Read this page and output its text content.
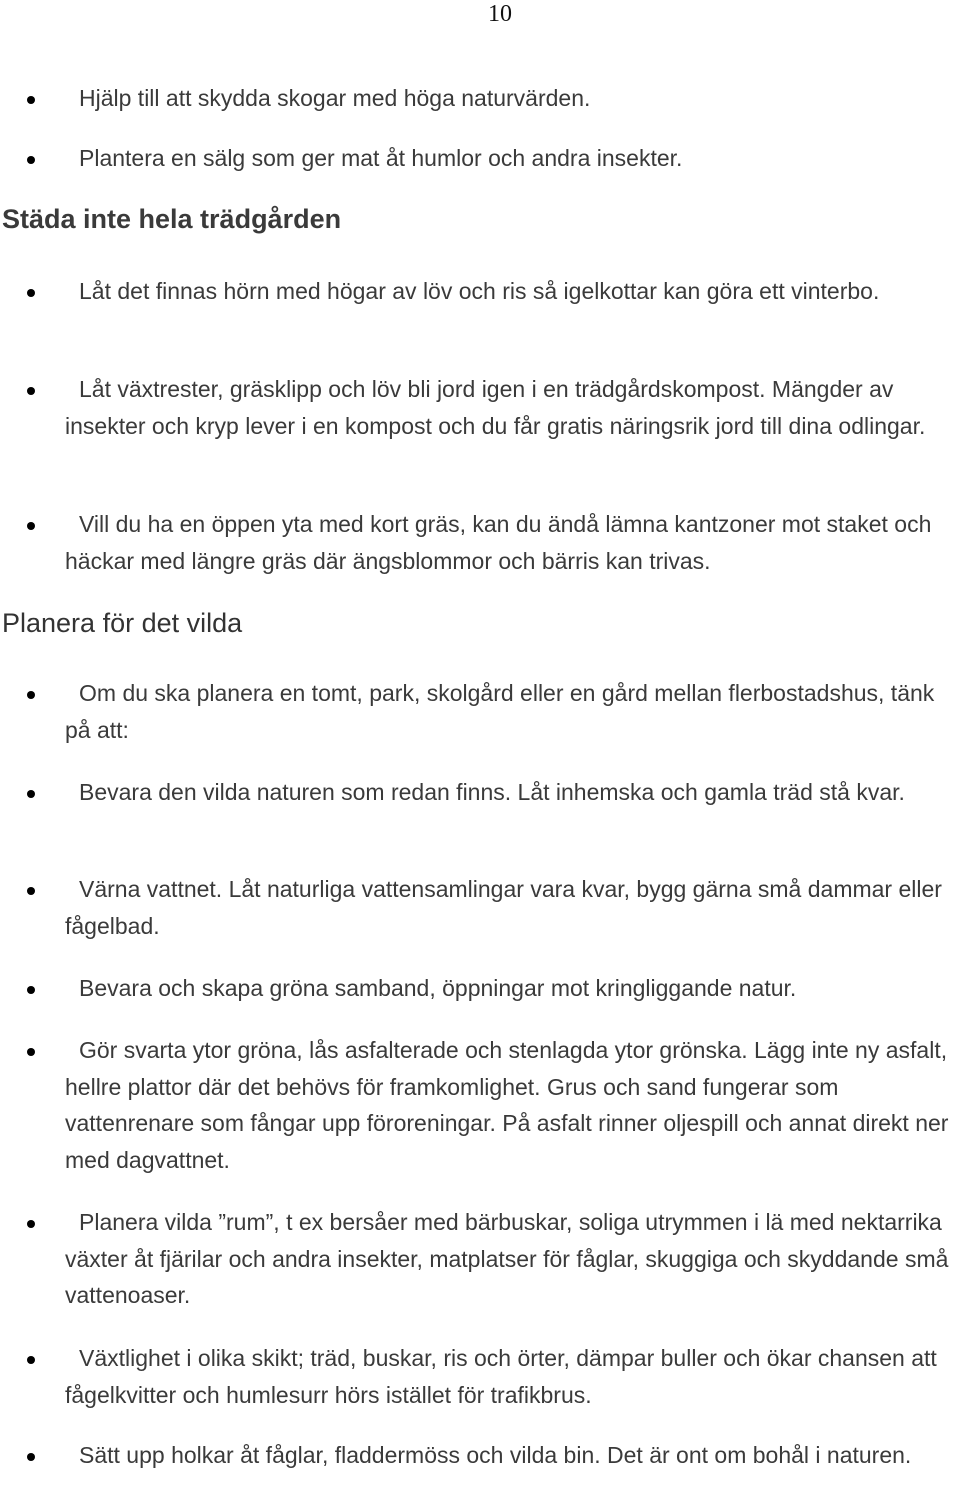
10
Hjälp till att skydda skogar med höga naturvärden.
Plantera en sälg som ger mat åt humlor och andra insekter.
Städa inte hela trädgården
Låt det finnas hörn med högar av löv och ris så igelkottar kan göra ett vinterbo.
Låt växtrester, gräsklipp och löv bli jord igen i en trädgårdskompost. Mängder av insekter och kryp lever i en kompost och du får gratis näringsrik jord till dina odlingar.
Vill du ha en öppen yta med kort gräs, kan du ändå lämna kantzoner mot staket och häckar med längre gräs där ängsblommor och bärris kan trivas.
Planera för det vilda
Om du ska planera en tomt, park, skolgård eller en gård mellan flerbostadshus, tänk på att:
Bevara den vilda naturen som redan finns. Låt inhemska och gamla träd stå kvar.
Värna vattnet. Låt naturliga vattensamlingar vara kvar, bygg gärna små dammar eller fågelbad.
Bevara och skapa gröna samband, öppningar mot kringliggande natur.
Gör svarta ytor gröna, lås asfalterade och stenlagda ytor grönska. Lägg inte ny asfalt, hellre plattor där det behövs för framkomlighet. Grus och sand fungerar som vattenrenare som fångar upp föroreningar. På asfalt rinner oljespill och annat direkt ner med dagvattnet.
Planera vilda ”rum”, t ex bersåer med bärbuskar, soliga utrymmen i lä med nektarrika växter åt fjärilar och andra insekter, matplatser för fåglar, skuggiga och skyddande små vattenoaser.
Växtlighet i olika skikt; träd, buskar, ris och örter, dämpar buller och ökar chansen att fågelkvitter och humlesurr hörs istället för trafikbrus.
Sätt upp holkar åt fåglar, fladdermöss och vilda bin. Det är ont om bohål i naturen.
